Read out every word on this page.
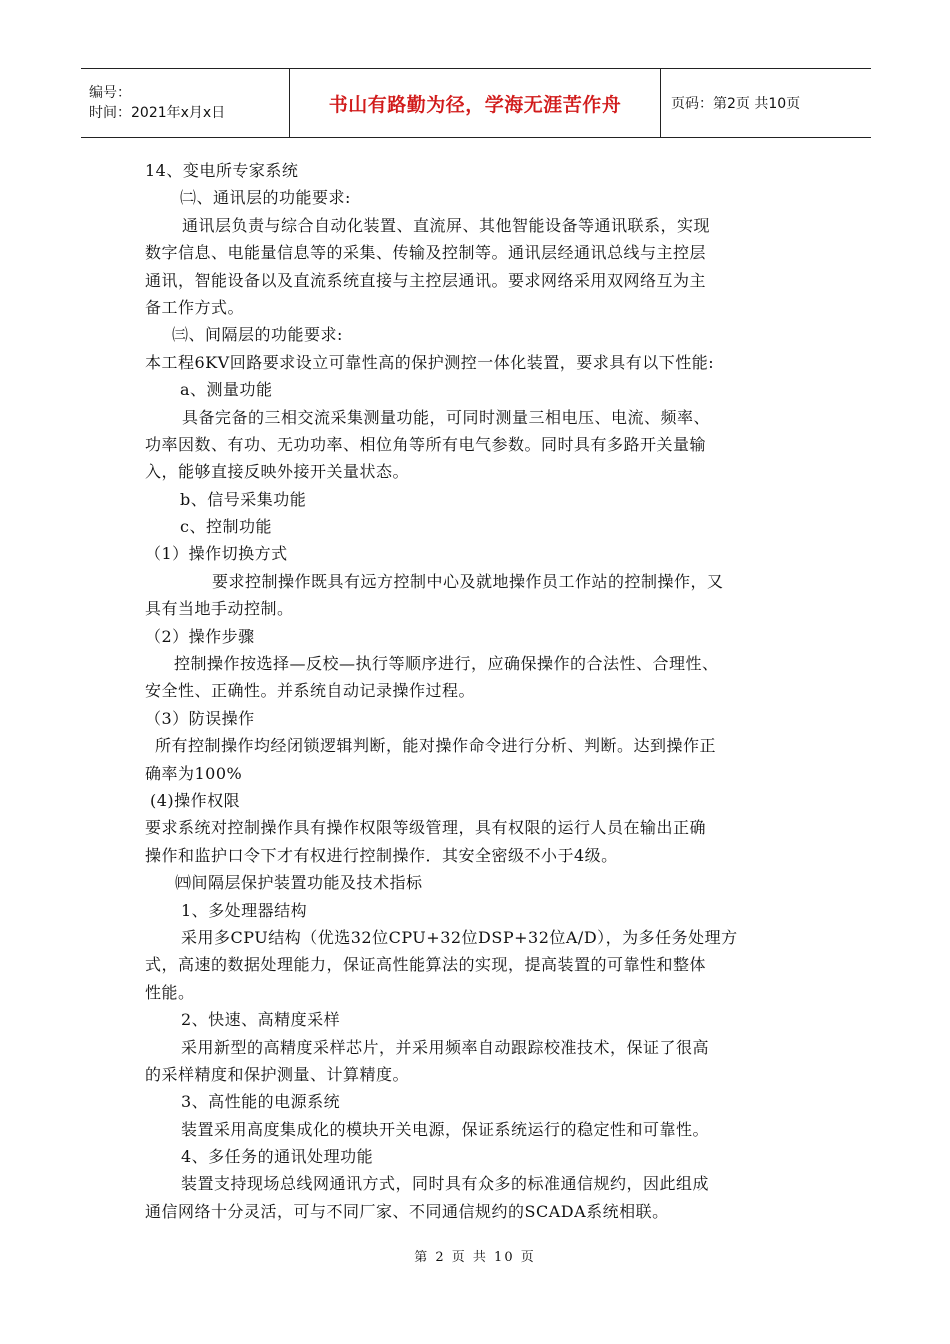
编号：
时间：2021年x月x日	书山有路勤为径，学海无涯苦作舟	页码：第2页 共10页
14、变电所专家系统
㈡、通讯层的功能要求:
通讯层负责与综合自动化装置、直流屏、其他智能设备等通讯联系，实现
数字信息、电能量信息等的采集、传输及控制等。通讯层经通讯总线与主控层
通讯，智能设备以及直流系统直接与主控层通讯。要求网络采用双网络互为主
备工作方式。
㈢、间隔层的功能要求:
本工程6KV回路要求设立可靠性高的保护测控一体化装置，要求具有以下性能:
a、测量功能
具备完备的三相交流采集测量功能，可同时测量三相电压、电流、频率、
功率因数、有功、无功功率、相位角等所有电气参数。同时具有多路开关量输
入，能够直接反映外接开关量状态。
b、信号采集功能
c、控制功能
（1）操作切换方式
要求控制操作既具有远方控制中心及就地操作员工作站的控制操作，又
具有当地手动控制。
（2）操作步骤
控制操作按选择—反校—执行等顺序进行，应确保操作的合法性、合理性、
安全性、正确性。并系统自动记录操作过程。
（3）防误操作
所有控制操作均经闭锁逻辑判断，能对操作命令进行分析、判断。达到操作正
确率为100%
(4)操作权限
要求系统对控制操作具有操作权限等级管理，具有权限的运行人员在输出正确
操作和监护口令下才有权进行控制操作．其安全密级不小于4级。
㈣间隔层保护装置功能及技术指标
1、多处理器结构
采用多CPU结构（优选32位CPU+32位DSP+32位A/D），为多任务处理方
式，高速的数据处理能力，保证高性能算法的实现，提高装置的可靠性和整体
性能。
2、快速、高精度采样
采用新型的高精度采样芯片，并采用频率自动跟踪校准技术，保证了很高
的采样精度和保护测量、计算精度。
3、高性能的电源系统
装置采用高度集成化的模块开关电源，保证系统运行的稳定性和可靠性。
4、多任务的通讯处理功能
装置支持现场总线网通讯方式，同时具有众多的标准通信规约，因此组成
通信网络十分灵活，可与不同厂家、不同通信规约的SCADA系统相联。
第 2 页 共 10 页
